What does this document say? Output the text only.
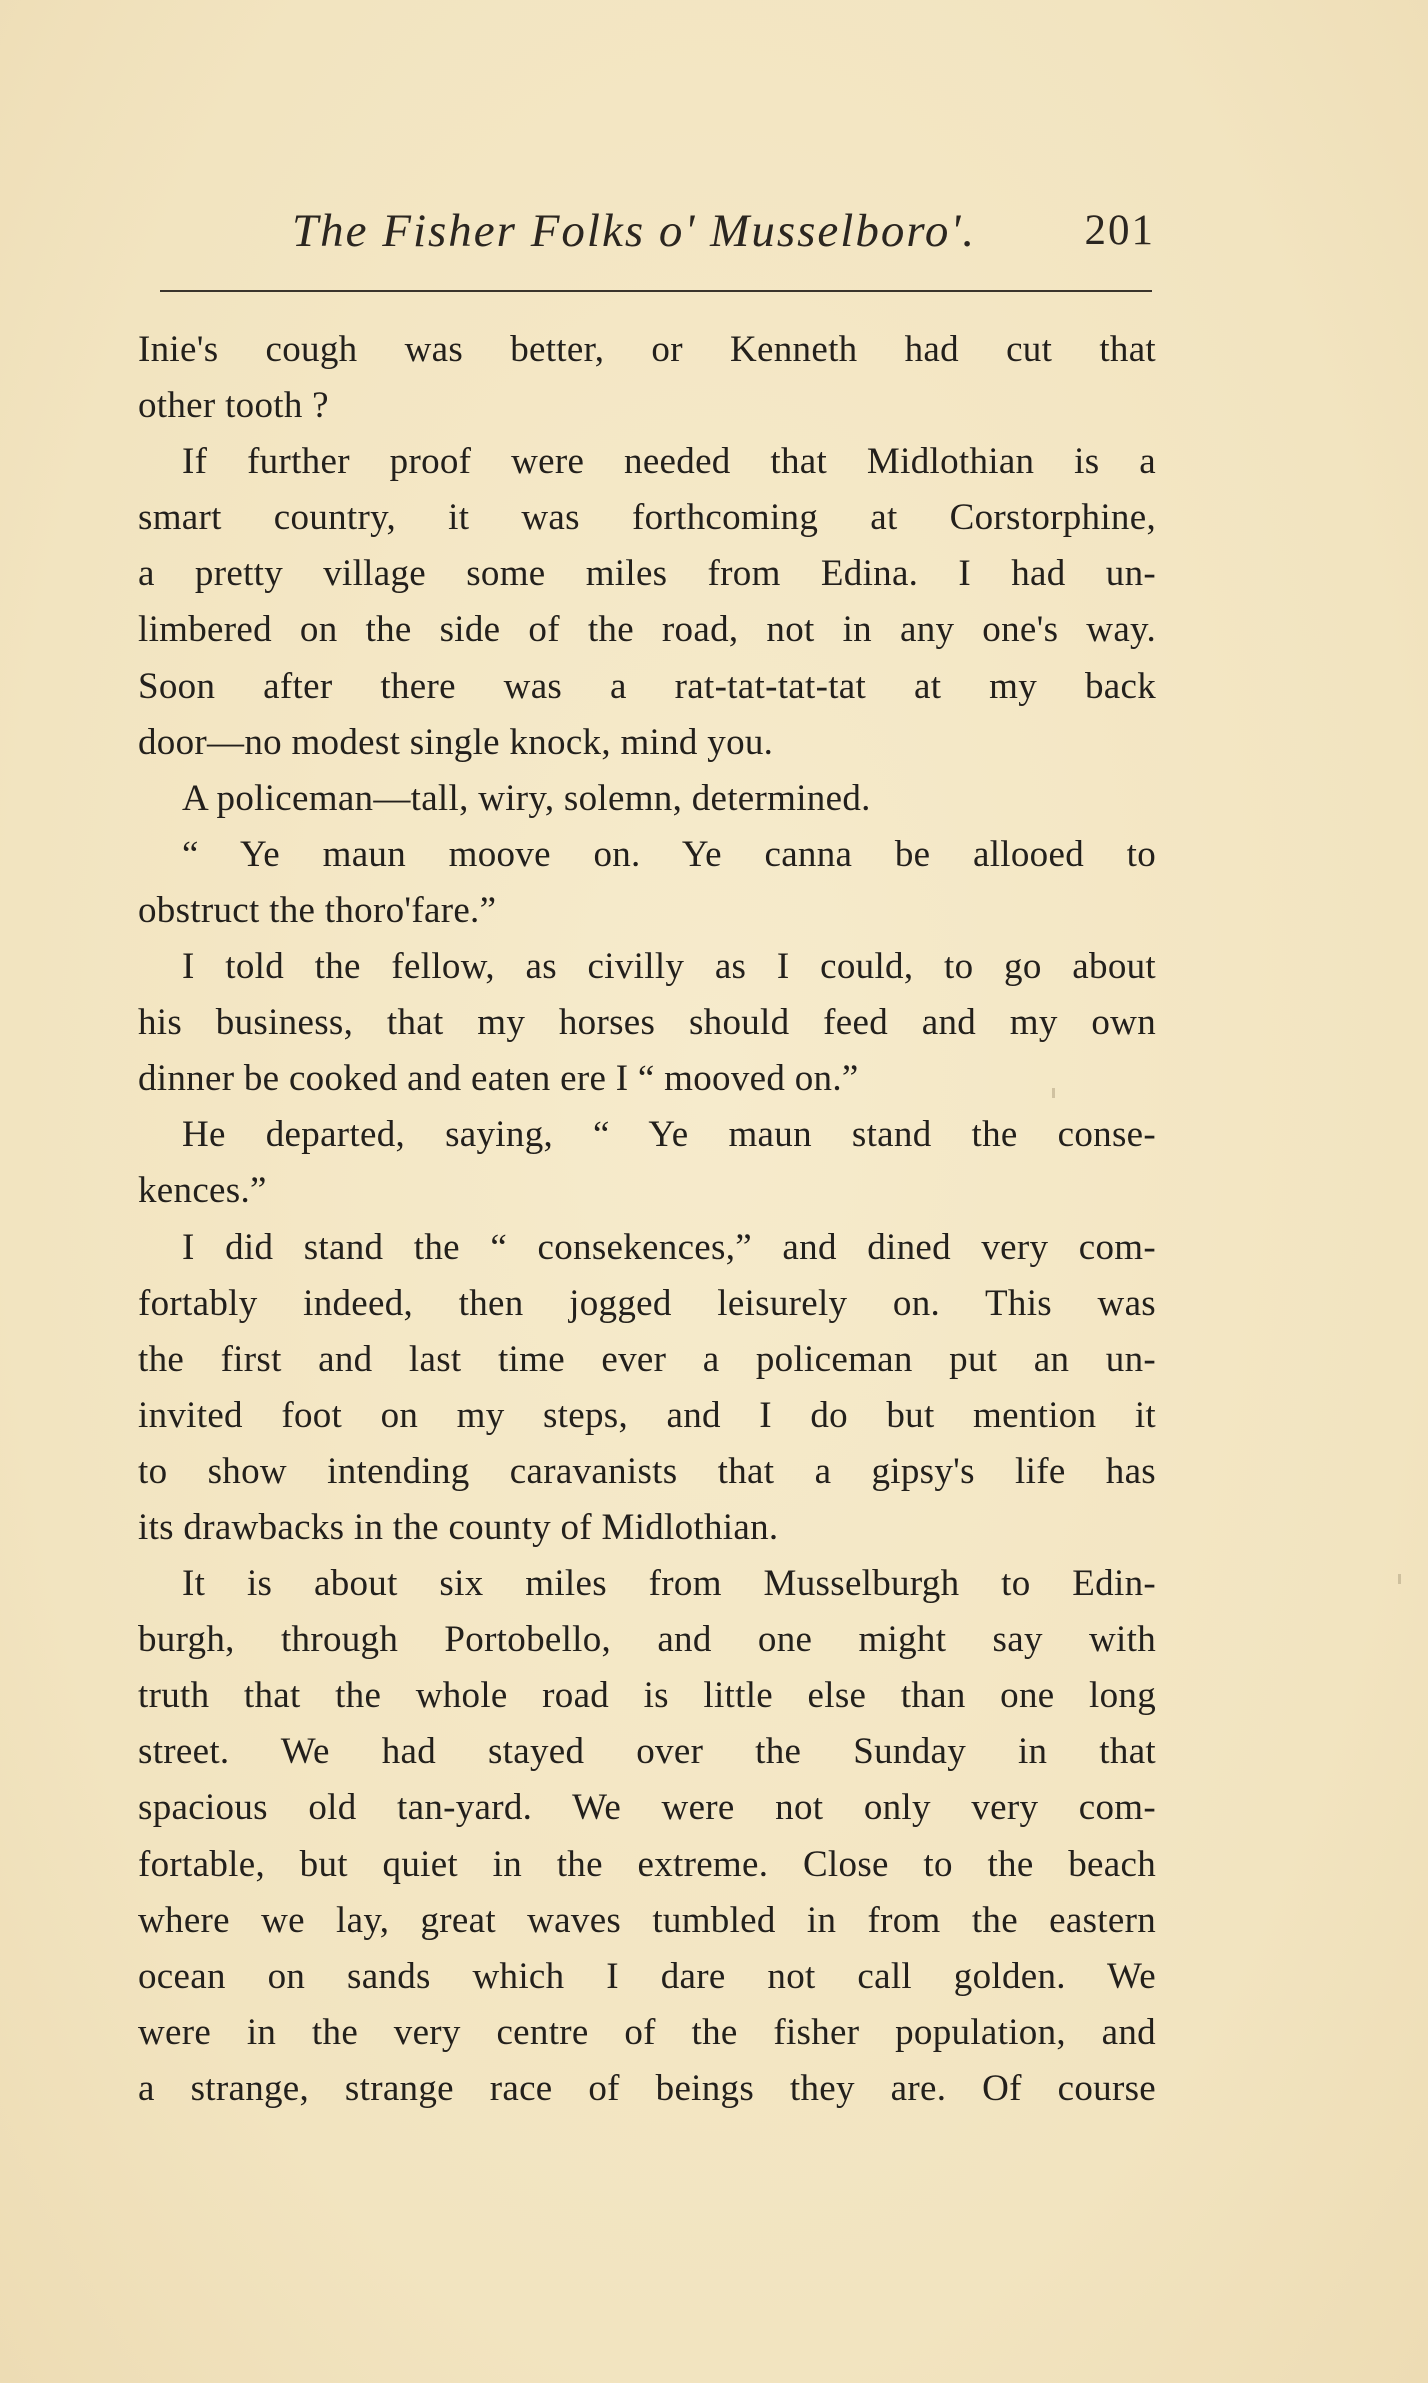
The Fisher Folks o' Musselboro'.	201
Inie's cough was better, or Kenneth had cut that
other tooth ?
If further proof were needed that Midlothian is a
smart country, it was forthcoming at Corstorphine,
a pretty village some miles from Edina. I had un-
limbered on the side of the road, not in any one's way.
Soon after there was a rat-tat-tat-tat at my back
door—no modest single knock, mind you.
A policeman—tall, wiry, solemn, determined.
“ Ye maun moove on. Ye canna be allooed to
obstruct the thoro'fare.”
I told the fellow, as civilly as I could, to go about
his business, that my horses should feed and my own
dinner be cooked and eaten ere I “ mooved on.”
He departed, saying, “ Ye maun stand the conse-
kences.”
I did stand the “ consekences,” and dined very com-
fortably indeed, then jogged leisurely on. This was
the first and last time ever a policeman put an un-
invited foot on my steps, and I do but mention it
to show intending caravanists that a gipsy's life has
its drawbacks in the county of Midlothian.
It is about six miles from Musselburgh to Edin-
burgh, through Portobello, and one might say with
truth that the whole road is little else than one long
street. We had stayed over the Sunday in that
spacious old tan-yard. We were not only very com-
fortable, but quiet in the extreme. Close to the beach
where we lay, great waves tumbled in from the eastern
ocean on sands which I dare not call golden. We
were in the very centre of the fisher population, and
a strange, strange race of beings they are. Of course
